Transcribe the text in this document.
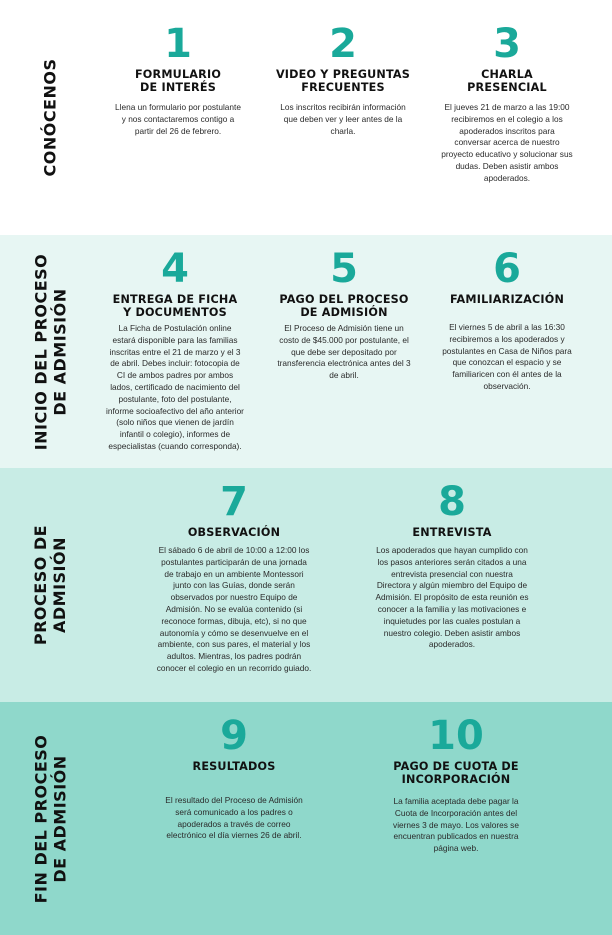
CONÓCENOS
1
FORMULARIO
DE INTERÉS
Llena un formulario por postulante y nos contactaremos contigo a partir del 26 de febrero.
2
VIDEO Y PREGUNTAS
FRECUENTES
Los inscritos recibirán información que deben ver y leer antes de la charla.
3
CHARLA
PRESENCIAL
El jueves 21 de marzo a las 19:00 recibiremos en el colegio a los apoderados inscritos para conversar acerca de nuestro proyecto educativo y solucionar sus dudas. Deben asistir ambos apoderados.
INICIO DEL PROCESO DE ADMISIÓN
4
ENTREGA DE FICHA
Y DOCUMENTOS
La Ficha de Postulación online estará disponible para las familias inscritas entre el 21 de marzo y el 3 de abril. Debes incluir: fotocopia de CI de ambos padres por ambos lados, certificado de nacimiento del postulante, foto del postulante, informe socioafectivo del año anterior (solo niños que vienen de jardín infantil o colegio), informes de especialistas (cuando corresponda).
5
PAGO DEL PROCESO
DE ADMISIÓN
El Proceso de Admisión tiene un costo de $45.000 por postulante, el que debe ser depositado por transferencia electrónica antes del 3 de abril.
6
FAMILIARIZACIÓN
El viernes 5 de abril a las 16:30 recibiremos a los apoderados y postulantes en Casa de Niños para que conozcan el espacio y se familiaricen con él antes de la observación.
PROCESO DE ADMISIÓN
7
OBSERVACIÓN
El sábado 6 de abril de 10:00 a 12:00 los postulantes participarán de una jornada de trabajo en un ambiente Montessori junto con las Guías, donde serán observados por nuestro Equipo de Admisión. No se evalúa contenido (si reconoce formas, dibuja, etc), si no que autonomía y cómo se desenvuelve en el ambiente, con sus pares, el material y los adultos. Mientras, los padres podrán conocer el colegio en un recorrido guiado.
8
ENTREVISTA
Los apoderados que hayan cumplido con los pasos anteriores serán citados a una entrevista presencial con nuestra Directora y algún miembro del Equipo de Admisión. El propósito de esta reunión es conocer a la familia y las motivaciones e inquietudes por las cuales postulan a nuestro colegio. Deben asistir ambos apoderados.
FIN DEL PROCESO DE ADMISIÓN
9
RESULTADOS
El resultado del Proceso de Admisión será comunicado a los padres o apoderados a través de correo electrónico el día viernes 26 de abril.
10
PAGO DE CUOTA DE
INCORPORACIÓN
La familia aceptada debe pagar la Cuota de Incorporación antes del viernes 3 de mayo. Los valores se encuentran publicados en nuestra página web.
